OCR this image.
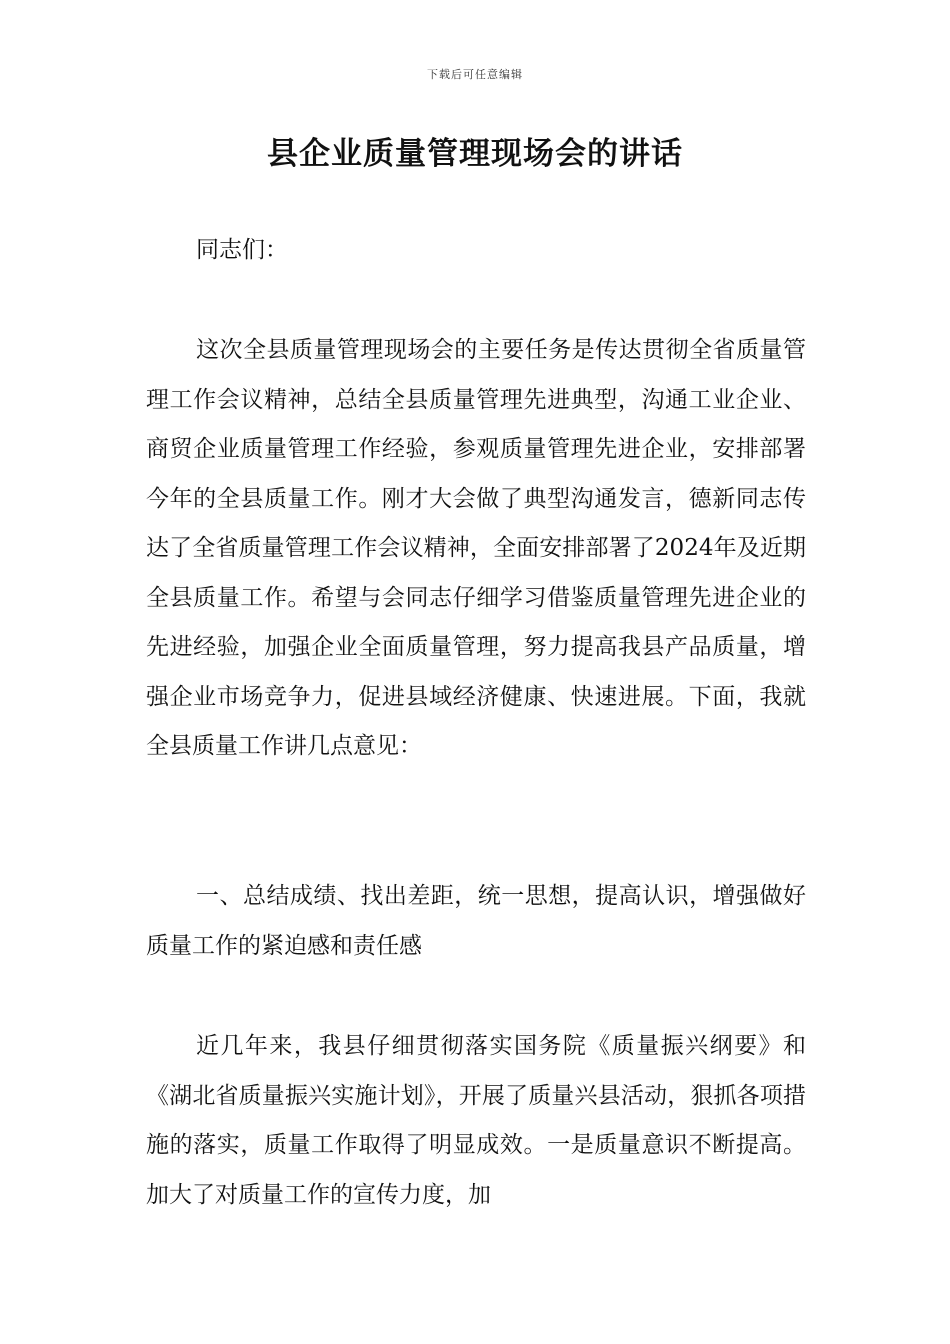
下载后可任意编辑
县企业质量管理现场会的讲话

同志们：

这次全县质量管理现场会的主要任务是传达贯彻全省质量管理工作会议精神，总结全县质量管理先进典型，沟通工业企业、商贸企业质量管理工作经验，参观质量管理先进企业，安排部署今年的全县质量工作。刚才大会做了典型沟通发言，德新同志传达了全省质量管理工作会议精神，全面安排部署了2024年及近期全县质量工作。希望与会同志仔细学习借鉴质量管理先进企业的先进经验，加强企业全面质量管理，努力提高我县产品质量，增强企业市场竞争力，促进县域经济健康、快速进展。下面，我就全县质量工作讲几点意见：

一、总结成绩、找出差距，统一思想，提高认识，增强做好质量工作的紧迫感和责任感

近几年来，我县仔细贯彻落实国务院《质量振兴纲要》和《湖北省质量振兴实施计划》，开展了质量兴县活动，狠抓各项措施的落实，质量工作取得了明显成效。一是质量意识不断提高。加大了对质量工作的宣传力度，加
